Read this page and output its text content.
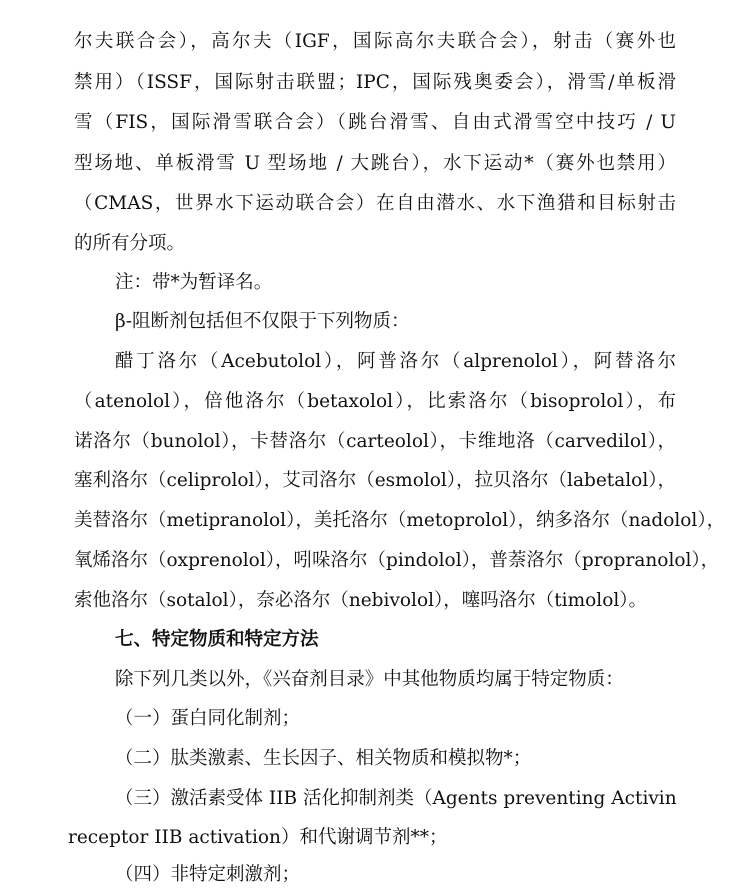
尔夫联合会），高尔夫（IGF，国际高尔夫联合会），射击（赛外也
禁用）（ISSF，国际射击联盟；IPC，国际残奥委会），滑雪/单板滑
雪（FIS，国际滑雪联合会）（跳台滑雪、自由式滑雪空中技巧 / U
型场地、单板滑雪 U 型场地 / 大跳台），水下运动*（赛外也禁用）
（CMAS，世界水下运动联合会）在自由潜水、水下渔猎和目标射击
的所有分项。
注：带*为暂译名。
β-阻断剂包括但不仅限于下列物质：
醋丁洛尔（Acebutolol），阿普洛尔（alprenolol），阿替洛尔
（atenolol），倍他洛尔（betaxolol），比索洛尔（bisoprolol），布
诺洛尔（bunolol），卡替洛尔（carteolol），卡维地洛（carvedilol），
塞利洛尔（celiprolol），艾司洛尔（esmolol），拉贝洛尔（labetalol），
美替洛尔（metipranolol），美托洛尔（metoprolol），纳多洛尔（nadolol），
氧烯洛尔（oxprenolol），吲哚洛尔（pindolol），普萘洛尔（propranolol），
索他洛尔（sotalol），奈必洛尔（nebivolol），噻吗洛尔（timolol）。
七、特定物质和特定方法
除下列几类以外，《兴奋剂目录》中其他物质均属于特定物质：
（一）蛋白同化制剂；
（二）肽类激素、生长因子、相关物质和模拟物*；
（三）激活素受体 IIB 活化抑制剂类（Agents preventing Activin
receptor IIB activation）和代谢调节剂**；
（四）非特定刺激剂；
